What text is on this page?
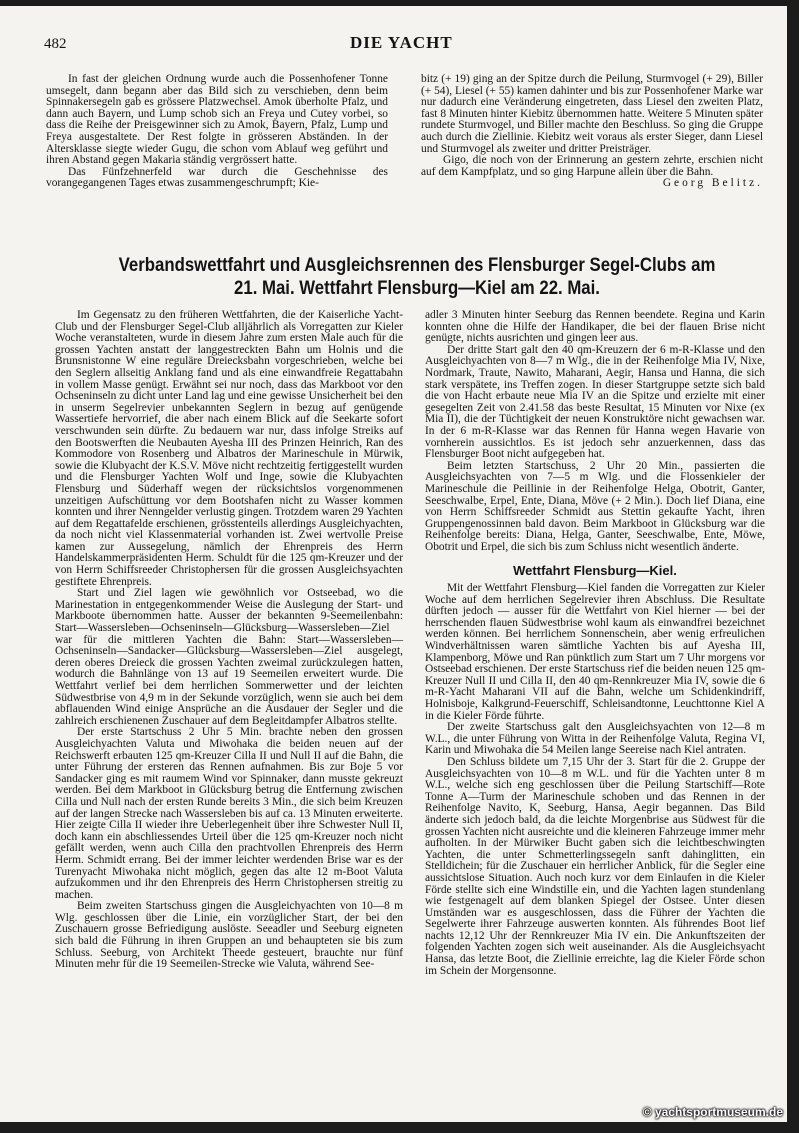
482	DIE YACHT

In fast der gleichen Ordnung wurde auch die Possenhofener Tonne umsegelt, dann begann aber das Bild sich zu verschieben, denn beim Spinnakersegeln gab es grössere Platzwechsel. Amok überholte Pfalz, und dann auch Bayern, und Lump schob sich an Freya und Cutey vorbei, so dass die Reihe der Preisgewinner sich zu Amok, Bayern, Pfalz, Lump und Freya ausgestaltete. Der Rest folgte in grösseren Abständen. In der Altersklasse siegte wieder Gugu, die schon vom Ablauf weg geführt und ihren Abstand gegen Makaria ständig vergrössert hatte.

Das Fünfzehnerfeld war durch die Geschehnisse des vorangegangenen Tages etwas zusammengeschrumpft; Kie-

bitz (+ 19) ging an der Spitze durch die Peilung, Sturmvogel (+ 29), Biller (+ 54), Liesel (+ 55) kamen dahinter und bis zur Possenhofener Marke war nur dadurch eine Veränderung eingetreten, dass Liesel den zweiten Platz, fast 8 Minuten hinter Kiebitz übernommen hatte. Weitere 5 Minuten später rundete Sturmvogel, und Biller machte den Beschluss. So ging die Gruppe auch durch die Ziellinie. Kiebitz weit voraus als erster Sieger, dann Liesel und Sturmvogel als zweiter und dritter Preisträger.

Gigo, die noch von der Erinnerung an gestern zehrte, erschien nicht auf dem Kampfplatz, und so ging Harpune allein über die Bahn.

Georg Belitz.
Verbandswettfahrt und Ausgleichsrennen des Flensburger Segel-Clubs am
21. Mai. Wettfahrt Flensburg—Kiel am 22. Mai.

Im Gegensatz zu den früheren Wettfahrten, die der Kaiserliche Yacht-Club und der Flensburger Segel-Club alljährlich als Vorregatten zur Kieler Woche veranstalteten, wurde in diesem Jahre zum ersten Male auch für die grossen Yachten anstatt der langgestreckten Bahn um Holnis und die Brunsnistonne W eine reguläre Dreiecksbahn vorgeschrieben, welche bei den Seglern allseitig Anklang fand und als eine einwandfreie Regattabahn in vollem Masse genügt. Erwähnt sei nur noch, dass das Markboot vor den Ochseninseln zu dicht unter Land lag und eine gewisse Unsicherheit bei den in unserm Segelrevier unbekannten Seglern in bezug auf genügende Wassertiefe hervorrief, die aber nach einem Blick auf die Seekarte sofort verschwunden sein dürfte. Zu bedauern war nur, dass infolge Streiks auf den Bootswerften die Neubauten Ayesha III des Prinzen Heinrich, Ran des Kommodore von Rosenberg und Albatros der Marineschule in Mürwik, sowie die Klubyacht der K.S.V. Möve nicht rechtzeitig fertiggestellt wurden und die Flensburger Yachten Wolf und Inge, sowie die Klubyachten Flensburg und Süderhaff wegen der rücksichtslos vorgenommenen unzeitigen Aufschüttung vor dem Bootshafen nicht zu Wasser kommen konnten und ihrer Nenngelder verlustig gingen. Trotzdem waren 29 Yachten auf dem Regattafelde erschienen, grösstenteils allerdings Ausgleichyachten, da noch nicht viel Klassenmaterial vorhanden ist. Zwei wertvolle Preise kamen zur Aussegelung, nämlich der Ehrenpreis des Herrn Handelskammerpräsidenten Herm. Schuldt für die 125 qm-Kreuzer und der von Herrn Schiffsreeder Christophersen für die grossen Ausgleichsyachten gestiftete Ehrenpreis.

Start und Ziel lagen wie gewöhnlich vor Ostseebad, wo die Marinestation in entgegenkommender Weise die Auslegung der Start- und Markboote übernommen hatte. Ausser der bekannten 9-Seemeilenbahn: Start—Wassersleben—Ochseninseln—Glücksburg—Wassersleben—Ziel war für die mittleren Yachten die Bahn: Start—Wassersleben—Ochseninseln—Sandacker—Glücksburg—Wassersleben—Ziel ausgelegt, deren oberes Dreieck die grossen Yachten zweimal zurückzulegen hatten, wodurch die Bahnlänge von 13 auf 19 Seemeilen erweitert wurde. Die Wettfahrt verlief bei dem herrlichen Sommerwetter und der leichten Südwestbrise von 4,9 m in der Sekunde vorzüglich, wenn sie auch bei dem abflauenden Wind einige Ansprüche an die Ausdauer der Segler und die zahlreich erschienenen Zuschauer auf dem Begleitdampfer Albatros stellte.

Der erste Startschuss 2 Uhr 5 Min. brachte neben den grossen Ausgleichyachten Valuta und Miwohaka die beiden neuen auf der Reichswerft erbauten 125 qm-Kreuzer Cilla II und Null II auf die Bahn, die unter Führung der ersteren das Rennen aufnahmen. Bis zur Boje 5 vor Sandacker ging es mit raumem Wind vor Spinnaker, dann musste gekreuzt werden. Bei dem Markboot in Glücksburg betrug die Entfernung zwischen Cilla und Null nach der ersten Runde bereits 3 Min., die sich beim Kreuzen auf der langen Strecke nach Wassersleben bis auf ca. 13 Minuten erweiterte. Hier zeigte Cilla II wieder ihre Ueberlegenheit über ihre Schwester Null II, doch kann ein abschliessendes Urteil über die 125 qm-Kreuzer noch nicht gefällt werden, wenn auch Cilla den prachtvollen Ehrenpreis des Herrn Herm. Schmidt errang. Bei der immer leichter werdenden Brise war es der Turenyacht Miwohaka nicht möglich, gegen das alte 12 m-Boot Valuta aufzukommen und ihr den Ehrenpreis des Herrn Christophersen streitig zu machen.

Beim zweiten Startschuss gingen die Ausgleichyachten von 10—8 m Wlg. geschlossen über die Linie, ein vorzüglicher Start, der bei den Zuschauern grosse Befriedigung auslöste. Seeadler und Seeburg eigneten sich bald die Führung in ihren Gruppen an und behaupteten sie bis zum Schluss. Seeburg, von Architekt Theede gesteuert, brauchte nur fünf Minuten mehr für die 19 Seemeilen-Strecke wie Valuta, während See-

adler 3 Minuten hinter Seeburg das Rennen beendete. Regina und Karin konnten ohne die Hilfe der Handikaper, die bei der flauen Brise nicht genügte, nichts ausrichten und gingen leer aus.

Der dritte Start galt den 40 qm-Kreuzern der 6 m-R-Klasse und den Ausgleichyachten von 8—7 m Wlg., die in der Reihenfolge Mia IV, Nixe, Nordmark, Traute, Nawito, Maharani, Aegir, Hansa und Hanna, die sich stark verspätete, ins Treffen zogen. In dieser Startgruppe setzte sich bald die von Hacht erbaute neue Mia IV an die Spitze und erzielte mit einer gesegelten Zeit von 2.41.58 das beste Resultat, 15 Minuten vor Nixe (ex Mia II), die der Tüchtigkeit der neuen Konstruktöre nicht gewachsen war. In der 6 m-R-Klasse war das Rennen für Hanna wegen Havarie von vornherein aussichtlos. Es ist jedoch sehr anzuerkennen, dass das Flensburger Boot nicht aufgegeben hat.

Beim letzten Startschuss, 2 Uhr 20 Min., passierten die Ausgleichsyachten von 7—5 m Wlg. und die Flossenkieler der Marineschule die Peillinie in der Reihenfolge Helga, Obotrit, Ganter, Seeschwalbe, Erpel, Ente, Diana, Möve (+ 2 Min.). Doch lief Diana, eine von Herrn Schiffsreeder Schmidt aus Stettin gekaufte Yacht, ihren Gruppengenossinnen bald davon. Beim Markboot in Glücksburg war die Reihenfolge bereits: Diana, Helga, Ganter, Seeschwalbe, Ente, Möwe, Obotrit und Erpel, die sich bis zum Schluss nicht wesentlich änderte.

Wettfahrt Flensburg—Kiel.

Mit der Wettfahrt Flensburg—Kiel fanden die Vorregatten zur Kieler Woche auf dem herrlichen Segelrevier ihren Abschluss. Die Resultate dürften jedoch — ausser für die Wettfahrt von Kiel hierner — bei der herrschenden flauen Südwestbrise wohl kaum als einwandfrei bezeichnet werden können. Bei herrlichem Sonnenschein, aber wenig erfreulichen Windverhältnissen waren sämtliche Yachten bis auf Ayesha III, Klampenborg, Möwe und Ran pünktlich zum Start um 7 Uhr morgens vor Ostseebad erschienen. Der erste Startschuss rief die beiden neuen 125 qm-Kreuzer Null II und Cilla II, den 40 qm-Rennkreuzer Mia IV, sowie die 6 m-R-Yacht Maharani VII auf die Bahn, welche um Schidenkindriff, Holnisboje, Kalkgrund-Feuerschiff, Schleisandtonne, Leuchttonne Kiel A in die Kieler Förde führte.

Der zweite Startschuss galt den Ausgleichsyachten von 12—8 m W.L., die unter Führung von Witta in der Reihenfolge Valuta, Regina VI, Karin und Miwohaka die 54 Meilen lange Seereise nach Kiel antraten.

Den Schluss bildete um 7,15 Uhr der 3. Start für die 2. Gruppe der Ausgleichsyachten von 10—8 m W.L. und für die Yachten unter 8 m W.L., welche sich eng geschlossen über die Peilung Startschiff—Rote Tonne A—Turm der Marineschule schoben und das Rennen in der Reihenfolge Navito, K, Seeburg, Hansa, Aegir begannen. Das Bild änderte sich jedoch bald, da die leichte Morgenbrise aus Südwest für die grossen Yachten nicht ausreichte und die kleineren Fahrzeuge immer mehr aufholten. In der Mürwiker Bucht gaben sich die leichtbeschwingten Yachten, die unter Schmetterlingssegeln sanft dahinglitten, ein Stelldichein; für die Zuschauer ein herrlicher Anblick, für die Segler eine aussichtslose Situation. Auch noch kurz vor dem Einlaufen in die Kieler Förde stellte sich eine Windstille ein, und die Yachten lagen stundenlang wie festgenagelt auf dem blanken Spiegel der Ostsee. Unter diesen Umständen war es ausgeschlossen, dass die Führer der Yachten die Segelwerte ihrer Fahrzeuge auswerten konnten. Als führendes Boot lief nachts 12,12 Uhr der Rennkreuzer Mia IV ein. Die Ankunftszeiten der folgenden Yachten zogen sich weit auseinander. Als die Ausgleichsyacht Hansa, das letzte Boot, die Ziellinie erreichte, lag die Kieler Förde schon im Schein der Morgensonne.

© yachtsportmuseum.de
